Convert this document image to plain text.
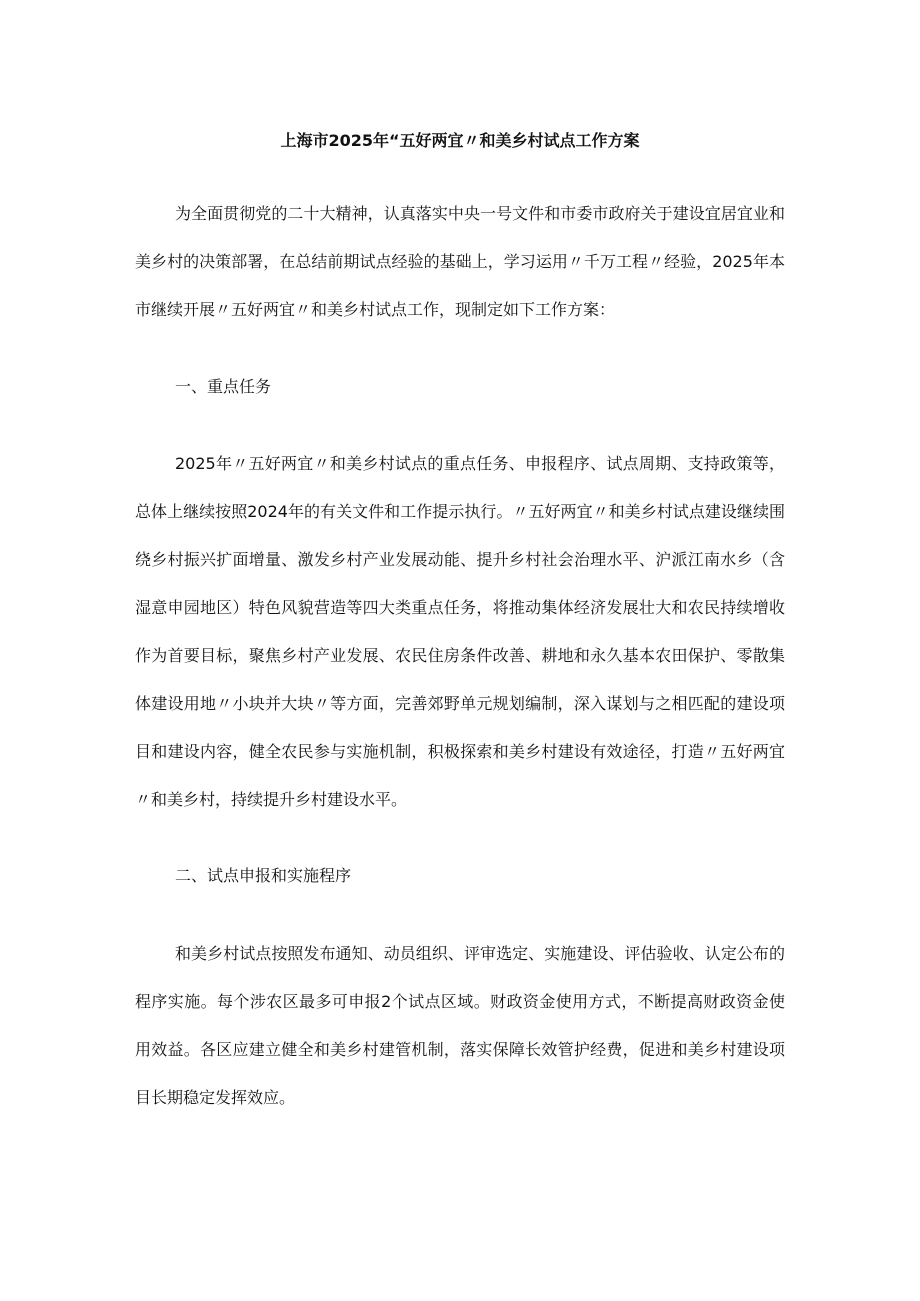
上海市2025年“五好两宜〃和美乡村试点工作方案
为全面贯彻党的二十大精神，认真落实中央一号文件和市委市政府关于建设宜居宜业和美乡村的决策部署，在总结前期试点经验的基础上，学习运用〃千万工程〃经验，2025年本市继续开展〃五好两宜〃和美乡村试点工作，现制定如下工作方案：
一、重点任务
2025年〃五好两宜〃和美乡村试点的重点任务、申报程序、试点周期、支持政策等，总体上继续按照2024年的有关文件和工作提示执行。〃五好两宜〃和美乡村试点建设继续围绕乡村振兴扩面增量、激发乡村产业发展动能、提升乡村社会治理水平、沪派江南水乡（含湿意申园地区）特色风貌营造等四大类重点任务，将推动集体经济发展壮大和农民持续增收作为首要目标，聚焦乡村产业发展、农民住房条件改善、耕地和永久基本农田保护、零散集体建设用地〃小块并大块〃等方面，完善郊野单元规划编制，深入谋划与之相匹配的建设项目和建设内容，健全农民参与实施机制，积极探索和美乡村建设有效途径，打造〃五好两宜〃和美乡村，持续提升乡村建设水平。
二、试点申报和实施程序
和美乡村试点按照发布通知、动员组织、评审选定、实施建设、评估验收、认定公布的程序实施。每个涉农区最多可申报2个试点区域。财政资金使用方式，不断提高财政资金使用效益。各区应建立健全和美乡村建管机制，落实保障长效管护经费，促进和美乡村建设项目长期稳定发挥效应。
